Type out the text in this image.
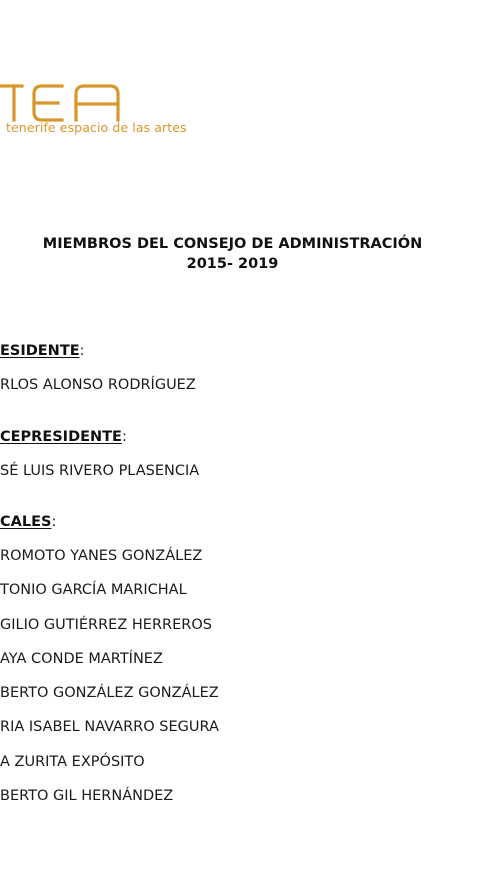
tenerife espacio de las artes
MIEMBROS DEL CONSEJO DE ADMINISTRACIÓN
2015- 2019
ESIDENTE:
RLOS ALONSO RODRÍGUEZ
CEPRESIDENTE:
SÉ LUIS RIVERO PLASENCIA
CALES:
ROMOTO YANES GONZÁLEZ
TONIO GARCÍA MARICHAL
GILIO GUTIÉRREZ HERREROS
AYA CONDE MARTÍNEZ
BERTO GONZÁLEZ GONZÁLEZ
RIA ISABEL NAVARRO SEGURA
A ZURITA EXPÓSITO
BERTO GIL HERNÁNDEZ
